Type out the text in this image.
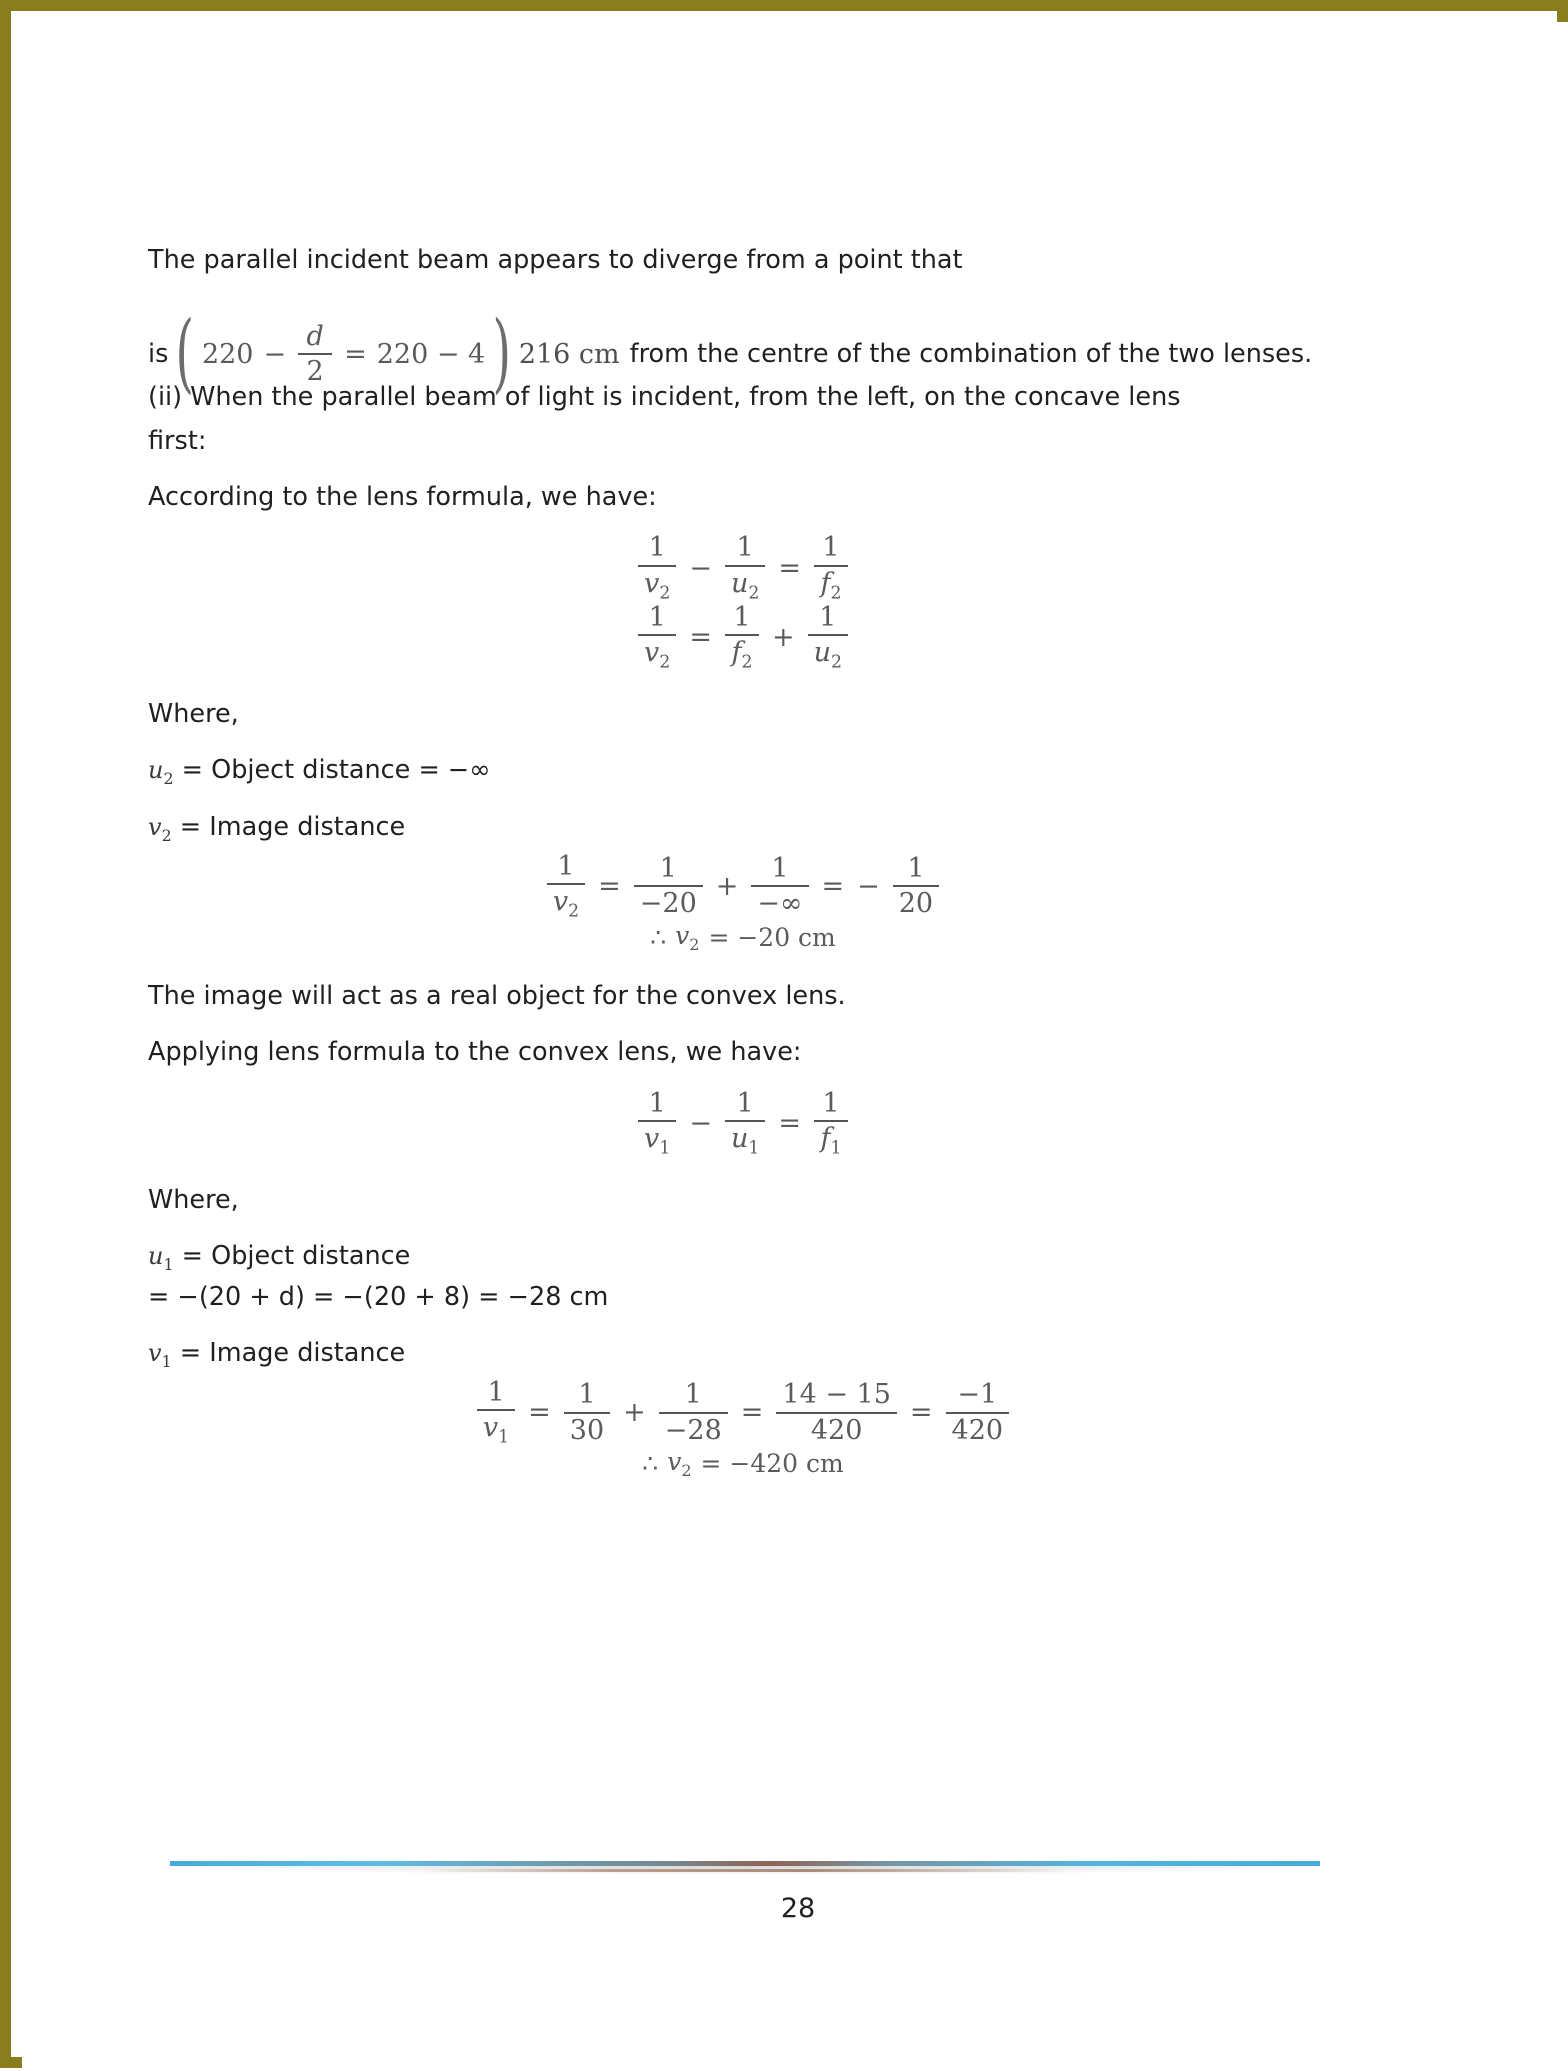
The parallel incident beam appears to diverge from a point that

is ( $220 - \frac{d}{2} = 220 - 4$ ) 216 cm from the centre of the combination of the two lenses.

(ii) When the parallel beam of light is incident, from the left, on the concave lens

first:

According to the lens formula, we have:

$\frac{1}{v_2} - \frac{1}{u_2} = \frac{1}{f_2}$
$\frac{1}{v_2} = \frac{1}{f_2} + \frac{1}{u_2}$

Where,

$u_2$ = Object distance = −∞

$v_2$ = Image distance

$\frac{1}{v_2} = \frac{1}{-20} + \frac{1}{-\infty}$ = − $\frac{1}{20}$
∴ $v_2 = -20$ cm

The image will act as a real object for the convex lens.

Applying lens formula to the convex lens, we have:

$\frac{1}{v_1} - \frac{1}{u_1} = \frac{1}{f_1}$

Where,

$u_1$ = Object distance

= −(20 + d) = −(20 + 8) = −28 cm

$v_1$ = Image distance

$\frac{1}{v_1} = \frac{1}{30} + \frac{1}{-28} = \frac{14 - 15}{420} = \frac{-1}{420}$
∴ $v_2 = -420$ cm
28
